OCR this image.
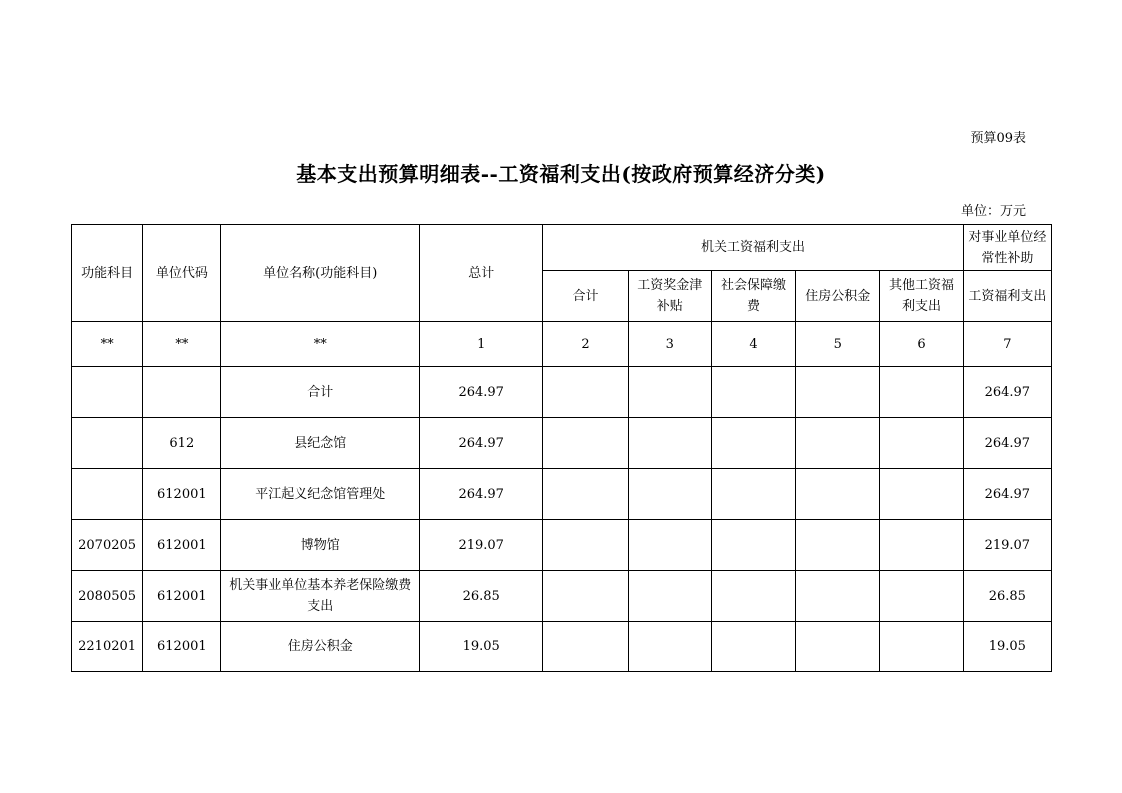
预算09表
基本支出预算明细表--工资福利支出(按政府预算经济分类)
单位：万元
功能科目	单位代码	单位名称(功能科目)	总计	机关工资福利支出					对事业单位经常性补助
				合计	工资奖金津补贴	社会保障缴费	住房公积金	其他工资福利支出	工资福利支出
**	**	**	1	2	3	4	5	6	7
		合计	264.97						264.97
	612	县纪念馆	264.97						264.97
	612001	平江起义纪念馆管理处	264.97						264.97
2070205	612001	博物馆	219.07						219.07
2080505	612001	机关事业单位基本养老保险缴费支出	26.85						26.85
2210201	612001	住房公积金	19.05						19.05
